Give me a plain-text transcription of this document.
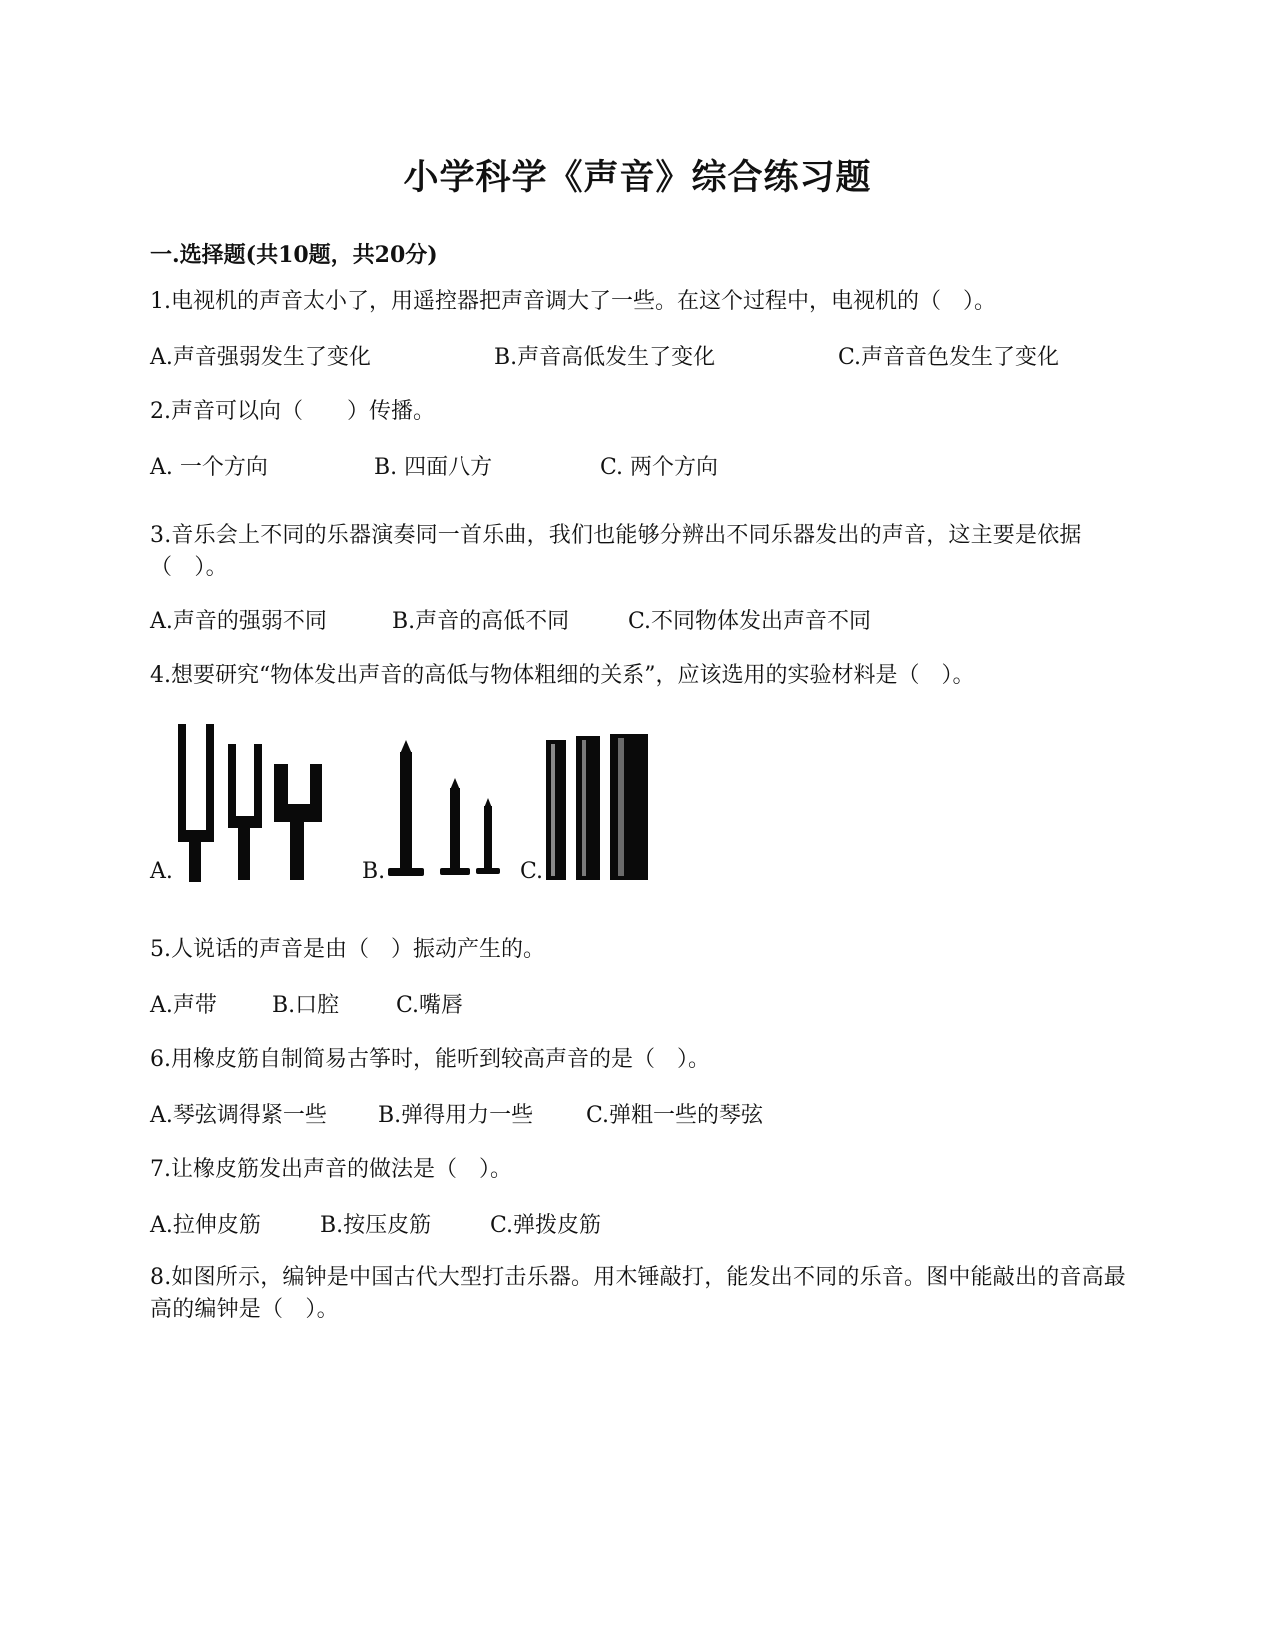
小学科学《声音》综合练习题
一.选择题(共10题，共20分)
1.电视机的声音太小了，用遥控器把声音调大了一些。在这个过程中，电视机的（　）。
A.声音强弱发生了变化	B.声音高低发生了变化	C.声音音色发生了变化
2.声音可以向（　　）传播。
A. 一个方向	B. 四面八方	C. 两个方向
3.音乐会上不同的乐器演奏同一首乐曲，我们也能够分辨出不同乐器发出的声音，这主要是依据（　）。
A.声音的强弱不同	B.声音的高低不同	C.不同物体发出声音不同
4.想要研究“物体发出声音的高低与物体粗细的关系”，应该选用的实验材料是（　）。
A.	B.	C.
5.人说话的声音是由（　）振动产生的。
A.声带	B.口腔	C.嘴唇
6.用橡皮筋自制简易古筝时，能听到较高声音的是（　）。
A.琴弦调得紧一些 B.弹得用力一些 C.弹粗一些的琴弦
7.让橡皮筋发出声音的做法是（　）。
A.拉伸皮筋	B.按压皮筋	C.弹拨皮筋
8.如图所示，编钟是中国古代大型打击乐器。用木锤敲打，能发出不同的乐音。图中能敲出的音高最高的编钟是（　）。
